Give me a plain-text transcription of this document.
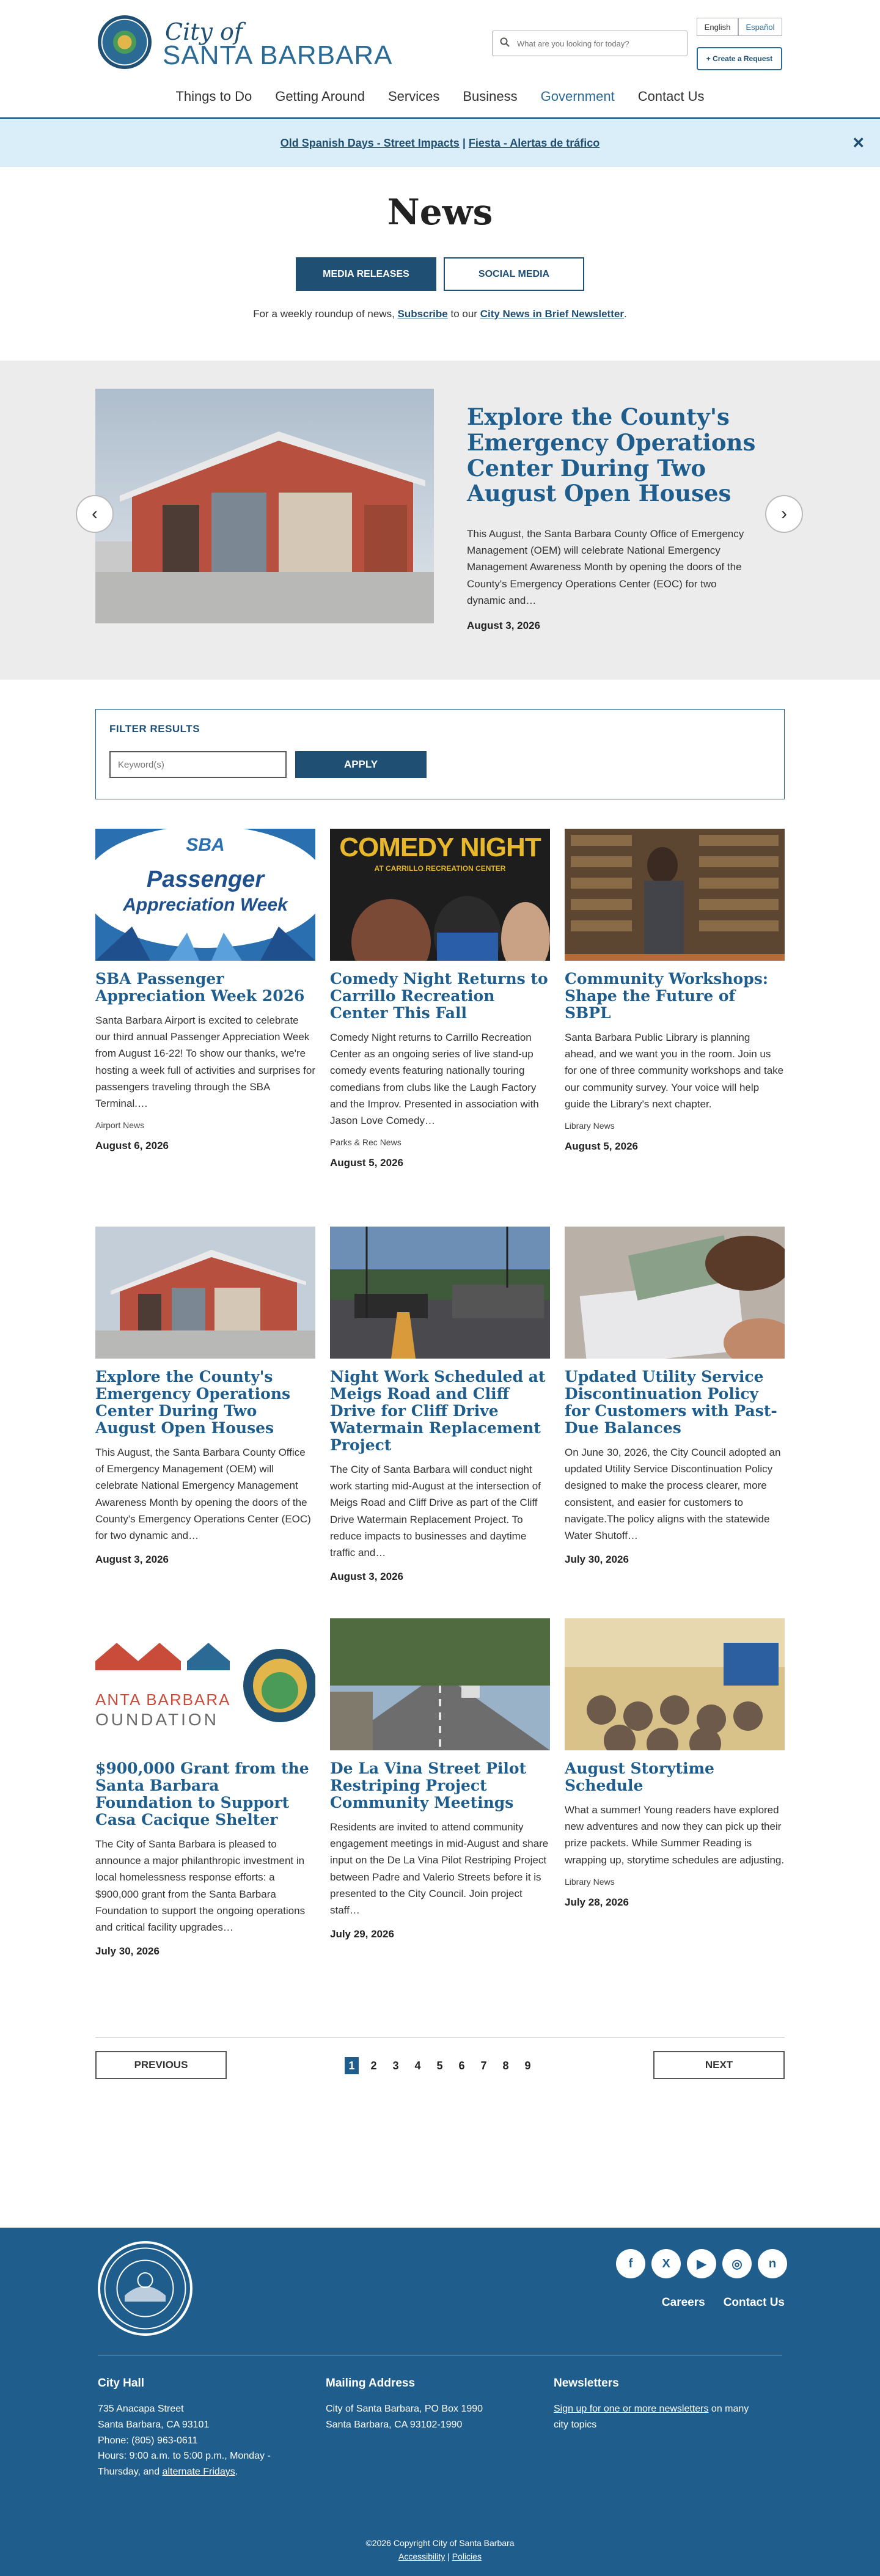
City of
SANTA BARBARA
What are you looking for today?
English	Español
+ Create a Request
Things to Do	Getting Around	Services	Business	Government	Contact Us
Old Spanish Days - Street Impacts | Fiesta - Alertas de tráfico	×
News
MEDIA RELEASES	SOCIAL MEDIA
For a weekly roundup of news, Subscribe to our City News in Brief Newsletter.
‹
Explore the County's Emergency Operations Center During Two August Open Houses
This August, the Santa Barbara County Office of Emergency Management (OEM) will celebrate National Emergency Management Awareness Month by opening the doors of the County's Emergency Operations Center (EOC) for two dynamic and…
August 3, 2026
›
FILTER RESULTS
Keyword(s)
APPLY
SBA
Passenger
Appreciation Week
SBA Passenger Appreciation Week 2026

Santa Barbara Airport is excited to celebrate our third annual Passenger Appreciation Week from August 16-22! To show our thanks, we're hosting a week full of activities and surprises for passengers traveling through the SBA Terminal.…

Airport News
August 6, 2026
COMEDY NIGHT
AT CARRILLO RECREATION CENTER
Comedy Night Returns to Carrillo Recreation Center This Fall

Comedy Night returns to Carrillo Recreation Center as an ongoing series of live stand-up comedy events featuring nationally touring comedians from clubs like the Laugh Factory and the Improv. Presented in association with Jason Love Comedy…

Parks & Rec News
August 5, 2026
Community Workshops: Shape the Future of SBPL

Santa Barbara Public Library is planning ahead, and we want you in the room. Join us for one of three community workshops and take our community survey. Your voice will help guide the Library's next chapter.

Library News
August 5, 2026
Explore the County's Emergency Operations Center During Two August Open Houses

This August, the Santa Barbara County Office of Emergency Management (OEM) will celebrate National Emergency Management Awareness Month by opening the doors of the County's Emergency Operations Center (EOC) for two dynamic and…

August 3, 2026
Night Work Scheduled at Meigs Road and Cliff Drive for Cliff Drive Watermain Replacement Project

The City of Santa Barbara will conduct night work starting mid-August at the intersection of Meigs Road and Cliff Drive as part of the Cliff Drive Watermain Replacement Project. To reduce impacts to businesses and daytime traffic and…

August 3, 2026
Updated Utility Service Discontinuation Policy for Customers with Past-Due Balances

On June 30, 2026, the City Council adopted an updated Utility Service Discontinuation Policy designed to make the process clearer, more consistent, and easier for customers to navigate.The policy aligns with the statewide Water Shutoff…

July 30, 2026
ANTA BARBARA
OUNDATION
$900,000 Grant from the Santa Barbara Foundation to Support Casa Cacique Shelter

The City of Santa Barbara is pleased to announce a major philanthropic investment in local homelessness response efforts: a $900,000 grant from the Santa Barbara Foundation to support the ongoing operations and critical facility upgrades…

July 30, 2026
De La Vina Street Pilot Restriping Project Community Meetings

Residents are invited to attend community engagement meetings in mid-August and share input on the De La Vina Pilot Restriping Project between Padre and Valerio Streets before it is presented to the City Council. Join project staff…

July 29, 2026
August Storytime Schedule

What a summer! Young readers have explored new adventures and now they can pick up their prize packets. While Summer Reading is wrapping up, storytime schedules are adjusting.

Library News
July 28, 2026
PREVIOUS	1	2	3	4	5	6	7	8	9	NEXT
f	X	▶	◎	n
Careers Contact Us
City Hall
735 Anacapa Street
Santa Barbara, CA 93101
Phone: (805) 963-0611
Hours: 9:00 a.m. to 5:00 p.m., Monday - Thursday, and alternate Fridays.
Mailing Address
City of Santa Barbara, PO Box 1990
Santa Barbara, CA 93102-1990
Newsletters
Sign up for one or more newsletters on many city topics
©2026 Copyright City of Santa Barbara
Accessibility | Policies
